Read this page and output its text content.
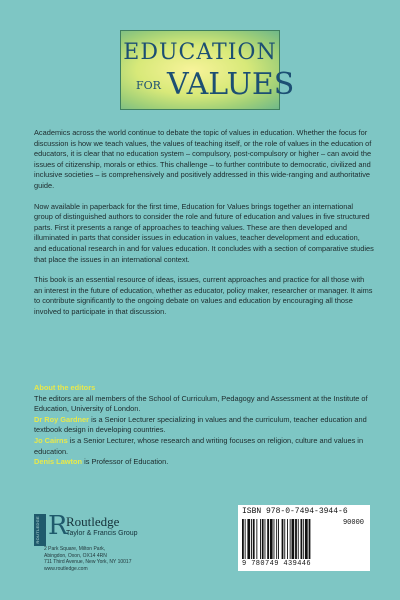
EDUCATION
FOR VALUES

Academics across the world continue to debate the topic of values in education. Whether the focus for discussion is how we teach values, the values of teaching itself, or the role of values in the education of educators, it is clear that no education system – compulsory, post-compulsory or higher – can avoid the issues of citizenship, morals or ethics. This challenge – to further contribute to democratic, civilized and inclusive societies – is comprehensively and positively addressed in this wide-ranging and authoritative guide.

Now available in paperback for the first time, Education for Values brings together an international group of distinguished authors to consider the role and future of education and values in five structured parts. First it presents a range of approaches to teaching values. These are then developed and illuminated in parts that consider issues in education in values, teacher development and education, and educational research in and for values education. It concludes with a section of comparative studies that place the issues in an international context.

This book is an essential resource of ideas, issues, current approaches and practice for all those with an interest in the future of education, whether as educator, policy maker, researcher or manager. It aims to contribute significantly to the ongoing debate on values and education by encouraging all those involved to participate in that discussion.

About the editors

The editors are all members of the School of Curriculum, Pedagogy and Assessment at the Institute of Education, University of London.

Dr Roy Gardner is a Senior Lecturer specializing in values and the curriculum, teacher education and textbook design in developing countries.

Jo Cairns is a Senior Lecturer, whose research and writing focuses on religion, culture and values in education.

Denis Lawton is Professor of Education.

ROUTLEDGE R
Routledge
Taylor & Francis Group
2 Park Square, Milton Park,
Abingdon, Oxon, OX14 4RN
711 Third Avenue, New York, NY 10017
www.routledge.com
ISBN 978-0-7494-3944-6
90000
9 780749 439446
